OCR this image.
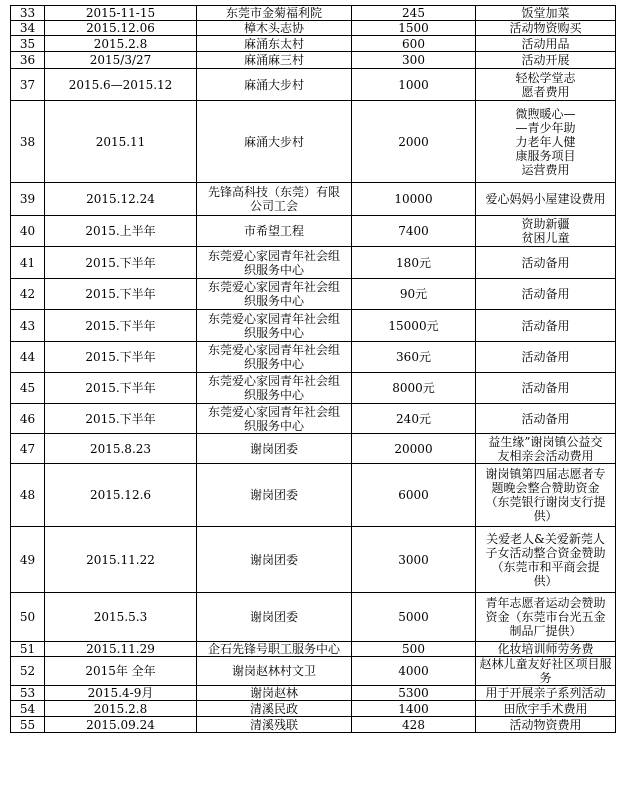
33	2015-11-15	东莞市金菊福利院	245	饭堂加菜
34	2015.12.06	樟木头志协	1500	活动物资购买
35	2015.2.8	麻涌东太村	600	活动用品
36	2015/3/27	麻涌麻三村	300	活动开展
37	2015.6—2015.12	麻涌大步村	1000	轻松学堂志
愿者费用
38	2015.11	麻涌大步村	2000	微煦暖心—
—青少年助
力老年人健
康服务项目
运营费用
39	2015.12.24	先锋高科技（东莞）有限
公司工会	10000	爱心妈妈小屋建设费用
40	2015.上半年	市希望工程	7400	资助新疆
贫困儿童
41	2015.下半年	东莞爱心家园青年社会组
织服务中心	180元	活动备用
42	2015.下半年	东莞爱心家园青年社会组
织服务中心	90元	活动备用
43	2015.下半年	东莞爱心家园青年社会组
织服务中心	15000元	活动备用
44	2015.下半年	东莞爱心家园青年社会组
织服务中心	360元	活动备用
45	2015.下半年	东莞爱心家园青年社会组
织服务中心	8000元	活动备用
46	2015.下半年	东莞爱心家园青年社会组
织服务中心	240元	活动备用
47	2015.8.23	谢岗团委	20000	益生缘”谢岗镇公益交
友相亲会活动费用
48	2015.12.6	谢岗团委	6000	谢岗镇第四届志愿者专
题晚会整合赞助资金
（东莞银行谢岗支行提
供）
49	2015.11.22	谢岗团委	3000	关爱老人&关爱新莞人
子女活动整合资金赞助
（东莞市和平商会提
供）
50	2015.5.3	谢岗团委	5000	青年志愿者运动会赞助
资金（东莞市台光五金
制品厂提供）
51	2015.11.29	企石先锋号职工服务中心	500	化妆培训师劳务费
52	2015年 全年	谢岗赵林村文卫	4000	赵林儿童友好社区项目服
务
53	2015.4-9月	谢岗赵林	5300	用于开展亲子系列活动
54	2015.2.8	清溪民政	1400	田欣宇手术费用
55	2015.09.24	清溪残联	428	活动物资费用
